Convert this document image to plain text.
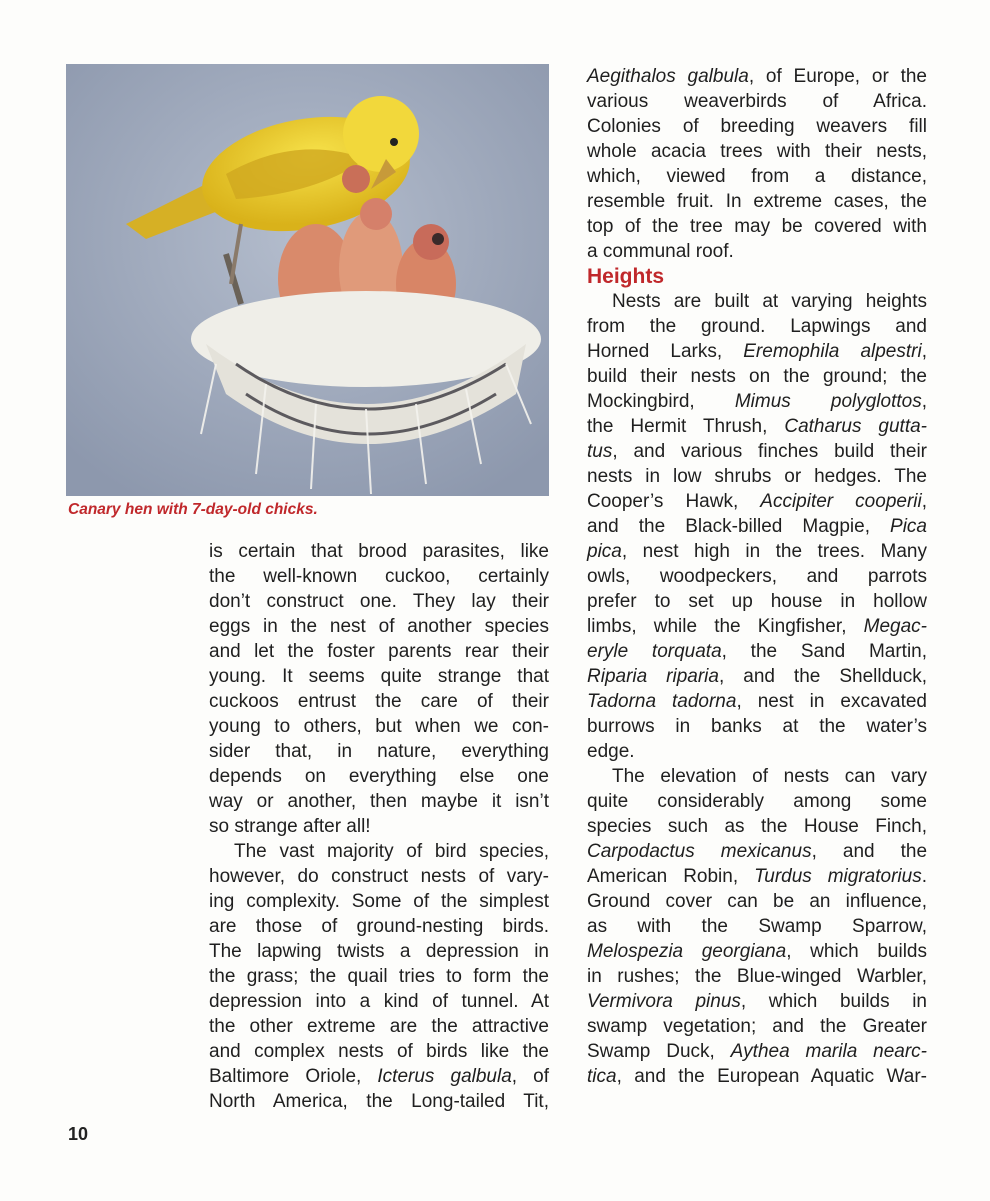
Canary hen with 7-day-old chicks.

is certain that brood parasites, like

the well-known cuckoo, certainly

don’t construct one. They lay their

eggs in the nest of another species

and let the foster parents rear their

young. It seems quite strange that

cuckoos entrust the care of their

young to others, but when we con-

sider that, in nature, everything

depends on everything else one

way or another, then maybe it isn’t

so strange after all!

The vast majority of bird species,

however, do construct nests of vary-

ing complexity. Some of the simplest

are those of ground-nesting birds.

The lapwing twists a depression in

the grass; the quail tries to form the

depression into a kind of tunnel. At

the other extreme are the attractive

and complex nests of birds like the

Baltimore Oriole, Icterus galbula, of

North America, the Long-tailed Tit,

Aegithalos galbula, of Europe, or the

various weaverbirds of Africa.

Colonies of breeding weavers fill

whole acacia trees with their nests,

which, viewed from a distance,

resemble fruit. In extreme cases, the

top of the tree may be covered with

a communal roof.

Heights

Nests are built at varying heights

from the ground. Lapwings and

Horned Larks, Eremophila alpestri,

build their nests on the ground; the

Mockingbird, Mimus polyglottos,

the Hermit Thrush, Catharus gutta-

tus, and various finches build their

nests in low shrubs or hedges. The

Cooper’s Hawk, Accipiter cooperii,

and the Black-billed Magpie, Pica

pica, nest high in the trees. Many

owls, woodpeckers, and parrots

prefer to set up house in hollow

limbs, while the Kingfisher, Megac-

eryle torquata, the Sand Martin,

Riparia riparia, and the Shellduck,

Tadorna tadorna, nest in excavated

burrows in banks at the water’s

edge.

The elevation of nests can vary

quite considerably among some

species such as the House Finch,

Carpodactus mexicanus, and the

American Robin, Turdus migratorius.

Ground cover can be an influence,

as with the Swamp Sparrow,

Melospezia georgiana, which builds

in rushes; the Blue-winged Warbler,

Vermivora pinus, which builds in

swamp vegetation; and the Greater

Swamp Duck, Aythea marila nearc-

tica, and the European Aquatic War-

10
